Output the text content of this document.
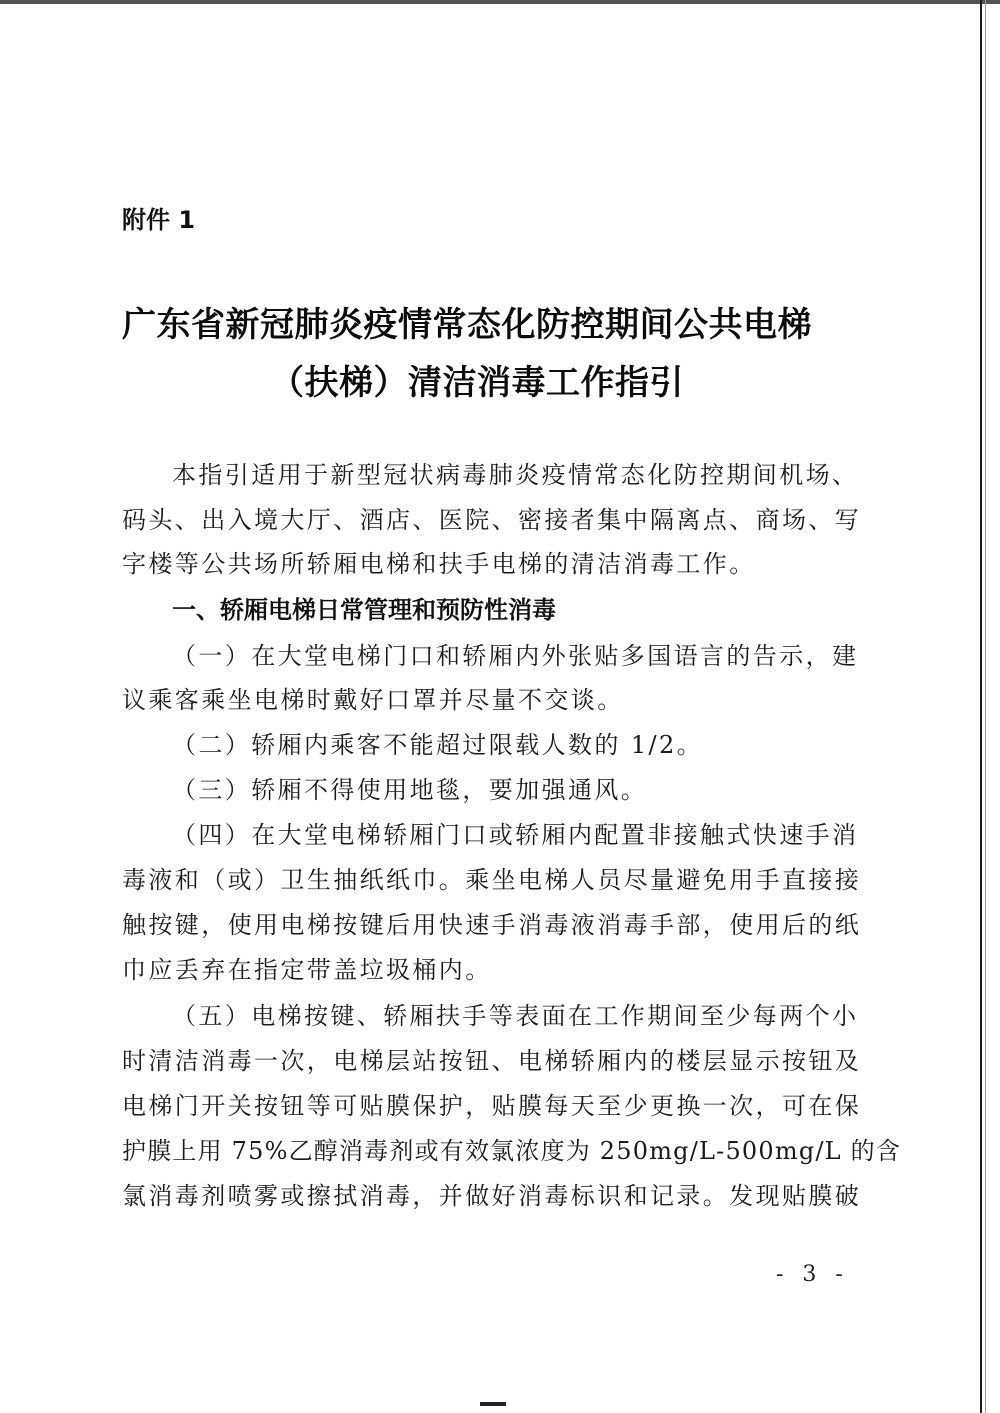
附件 1
广东省新冠肺炎疫情常态化防控期间公共电梯
（扶梯）清洁消毒工作指引
本指引适用于新型冠状病毒肺炎疫情常态化防控期间机场、
码头、出入境大厅、酒店、医院、密接者集中隔离点、商场、写
字楼等公共场所轿厢电梯和扶手电梯的清洁消毒工作。
一、轿厢电梯日常管理和预防性消毒
（一）在大堂电梯门口和轿厢内外张贴多国语言的告示，建
议乘客乘坐电梯时戴好口罩并尽量不交谈。
（二）轿厢内乘客不能超过限载人数的 1/2。
（三）轿厢不得使用地毯，要加强通风。
（四）在大堂电梯轿厢门口或轿厢内配置非接触式快速手消
毒液和（或）卫生抽纸纸巾。乘坐电梯人员尽量避免用手直接接
触按键，使用电梯按键后用快速手消毒液消毒手部，使用后的纸
巾应丢弃在指定带盖垃圾桶内。
（五）电梯按键、轿厢扶手等表面在工作期间至少每两个小
时清洁消毒一次，电梯层站按钮、电梯轿厢内的楼层显示按钮及
电梯门开关按钮等可贴膜保护，贴膜每天至少更换一次，可在保
护膜上用 75%乙醇消毒剂或有效氯浓度为 250mg/L-500mg/L 的含
氯消毒剂喷雾或擦拭消毒，并做好消毒标识和记录。发现贴膜破
- 3 -
